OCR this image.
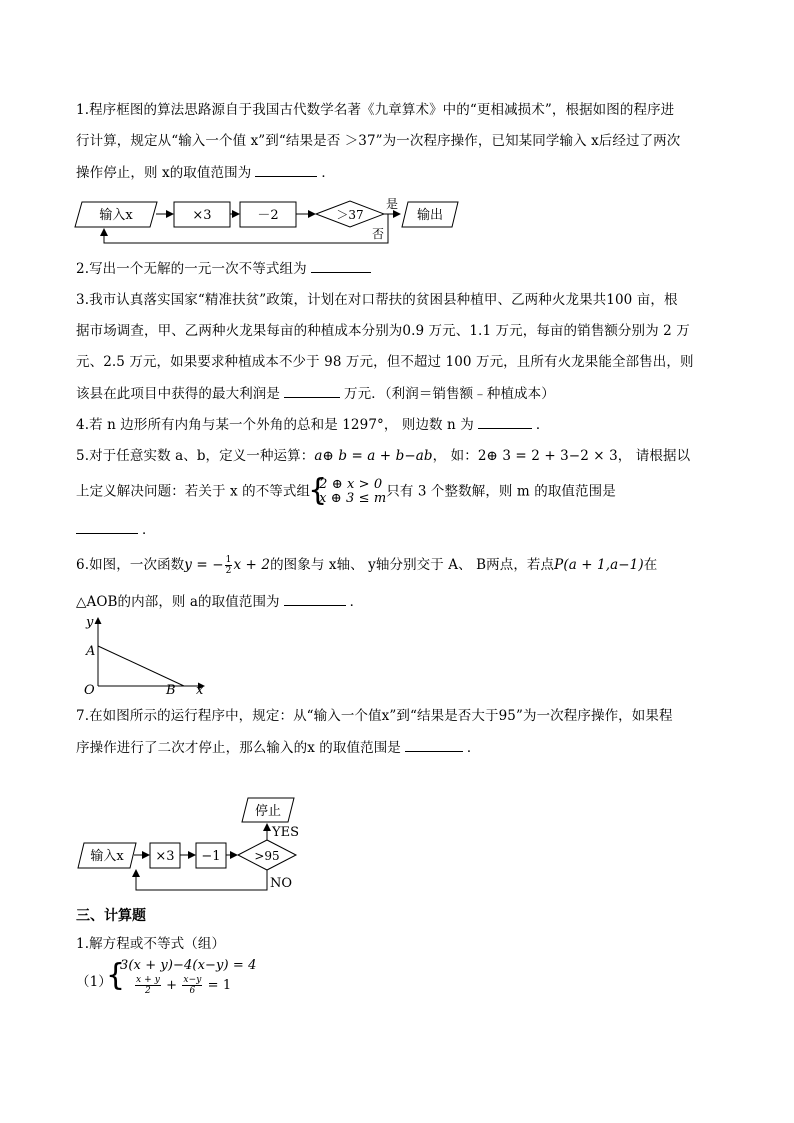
1.程序框图的算法思路源自于我国古代数学名著《九章算术》中的“更相减损术”，根据如图的程序进
行计算，规定从“输入一个值 x”到“结果是否 ＞37”为一次程序操作，已知某同学输入 x后经过了两次
操作停止，则 x的取值范围为	．
输入x	×3	－2	＞37
是
输出
否
2.写出一个无解的一元一次不等式组为
3.我市认真落实国家“精准扶贫”政策，计划在对口帮扶的贫困县种植甲、乙两种火龙果共100 亩，根
据市场调查，甲、乙两种火龙果每亩的种植成本分别为0.9 万元、1.1 万元，每亩的销售额分别为 2 万
元、2.5 万元，如果要求种植成本不少于 98 万元，但不超过 100 万元，且所有火龙果能全部售出，则
该县在此项目中获得的最大利润是	万元．（利润＝销售额﹣种植成本）
4.若 n 边形所有内角与某一个外角的总和是 1297°， 则边数 n 为	．
5.对于任意实数 a、b，定义一种运算：a⊕ b = a + b−ab， 如：2⊕ 3 = 2 + 3−2 × 3， 请根据以
上定义解决问题：若关于 x 的不等式组
{
2 ⊕ x > 0
x ⊕ 3 ≤ m 只有 3 个整数解，则 m 的取值范围是
．
6.如图，一次函数y = − $\frac{1}{2}$ x + 2的图象与 x轴、 y轴分别交于 A、 B两点，若点P(a + 1,a−1)在
△AOB的内部，则 a的取值范围为	．
y
x
A
O	B
7.在如图所示的运行程序中，规定：从“输入一个值x”到“结果是否大于95”为一次程序操作，如果程
序操作进行了二次才停止，那么输入的x 的取值范围是	．
停止
输入x ×3 −1	>95
YES
NO
三、计算题
1.解方程或不等式（组）
（1）
{
3(x + y)−4(x−y) = 4
$\frac{x + y}{2} + \frac{x-y}{6} = 1$
